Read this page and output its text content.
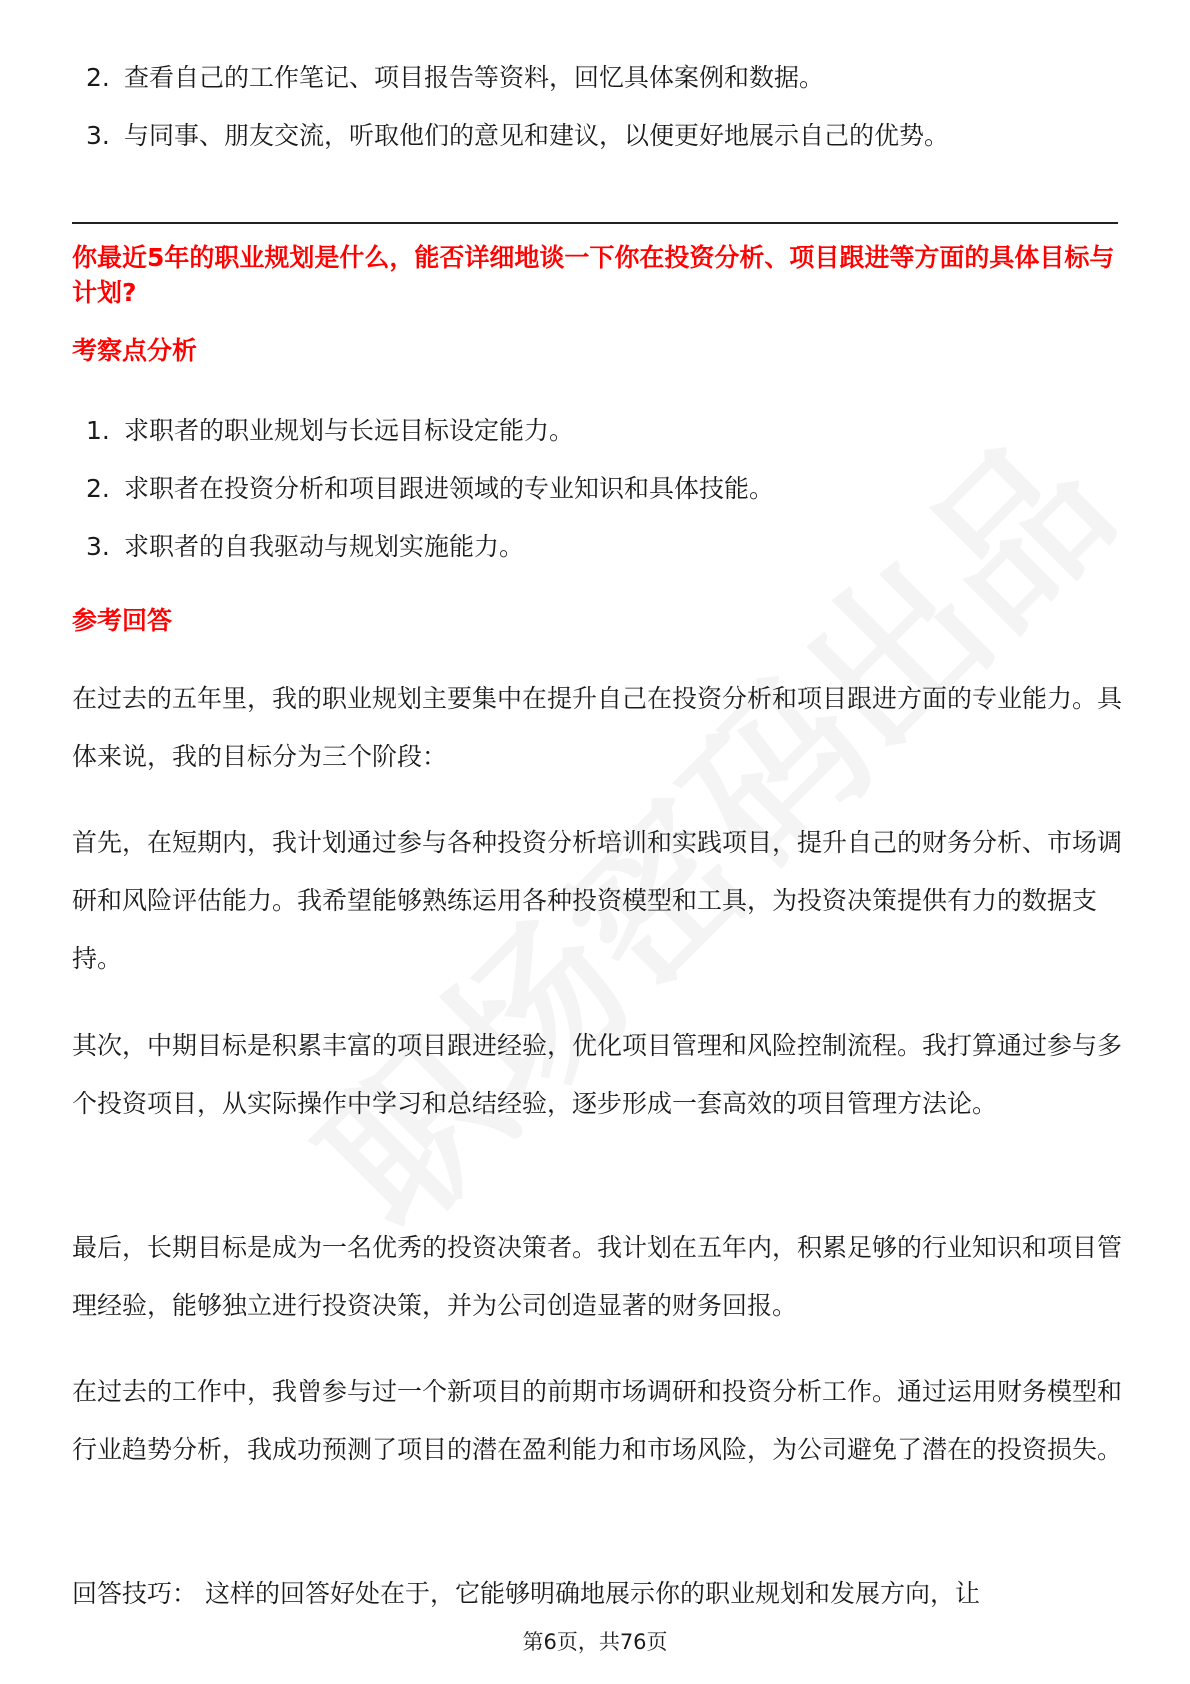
2. 查看自己的工作笔记、项目报告等资料，回忆具体案例和数据。
3. 与同事、朋友交流，听取他们的意见和建议，以便更好地展示自己的优势。
你最近5年的职业规划是什么，能否详细地谈一下你在投资分析、项目跟进等方面的具体目标与计划?
考察点分析
1. 求职者的职业规划与长远目标设定能力。
2. 求职者在投资分析和项目跟进领域的专业知识和具体技能。
3. 求职者的自我驱动与规划实施能力。
参考回答

在过去的五年里，我的职业规划主要集中在提升自己在投资分析和项目跟进方面的专业能力。具体来说，我的目标分为三个阶段：

首先，在短期内，我计划通过参与各种投资分析培训和实践项目，提升自己的财务分析、市场调研和风险评估能力。我希望能够熟练运用各种投资模型和工具，为投资决策提供有力的数据支持。

其次，中期目标是积累丰富的项目跟进经验，优化项目管理和风险控制流程。我打算通过参与多个投资项目，从实际操作中学习和总结经验，逐步形成一套高效的项目管理方法论。

最后，长期目标是成为一名优秀的投资决策者。我计划在五年内，积累足够的行业知识和项目管理经验，能够独立进行投资决策，并为公司创造显著的财务回报。

在过去的工作中，我曾参与过一个新项目的前期市场调研和投资分析工作。通过运用财务模型和行业趋势分析，我成功预测了项目的潜在盈利能力和市场风险，为公司避免了潜在的投资损失。

回答技巧： 这样的回答好处在于，它能够明确地展示你的职业规划和发展方向，让

第6页，共76页
